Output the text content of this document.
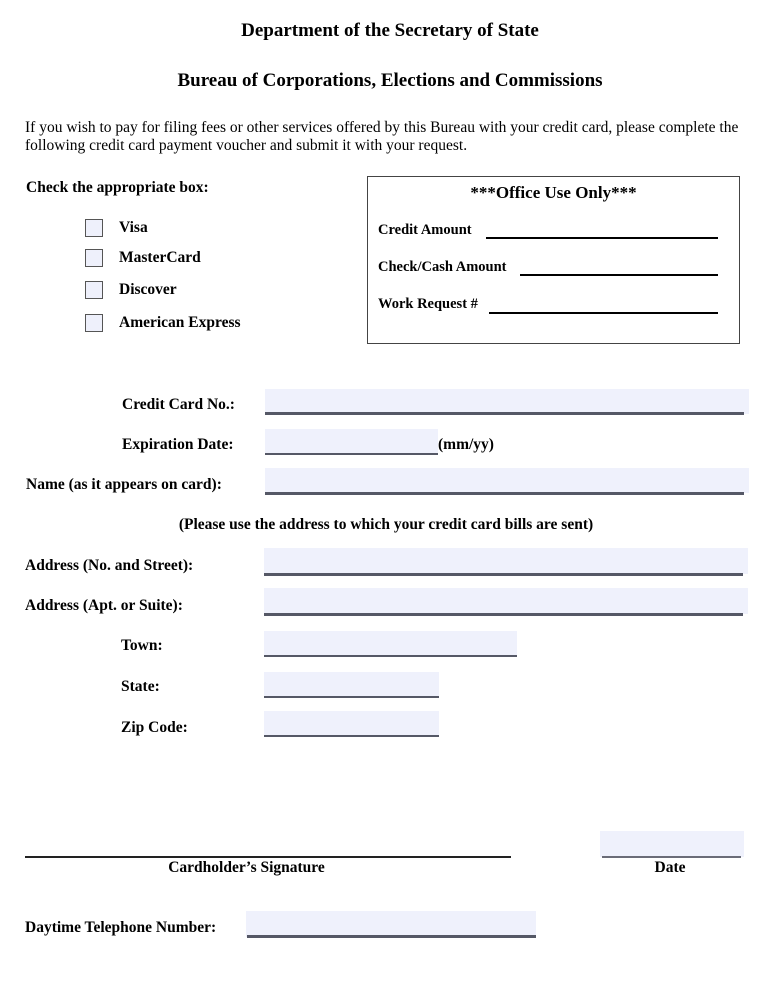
Department of the Secretary of State
Bureau of Corporations, Elections and Commissions
If you wish to pay for filing fees or other services offered by this Bureau with your credit card, please complete the following credit card payment voucher and submit it with your request.
Check the appropriate box:
Visa
MasterCard
Discover
American Express
***Office Use Only***
Credit Amount
Check/Cash Amount
Work Request #
Credit Card No.:
Expiration Date:	(mm/yy)
Name (as it appears on card):
(Please use the address to which your credit card bills are sent)
Address (No. and Street):
Address (Apt. or Suite):
Town:
State:
Zip Code:
Cardholder’s Signature	Date
Daytime Telephone Number:
